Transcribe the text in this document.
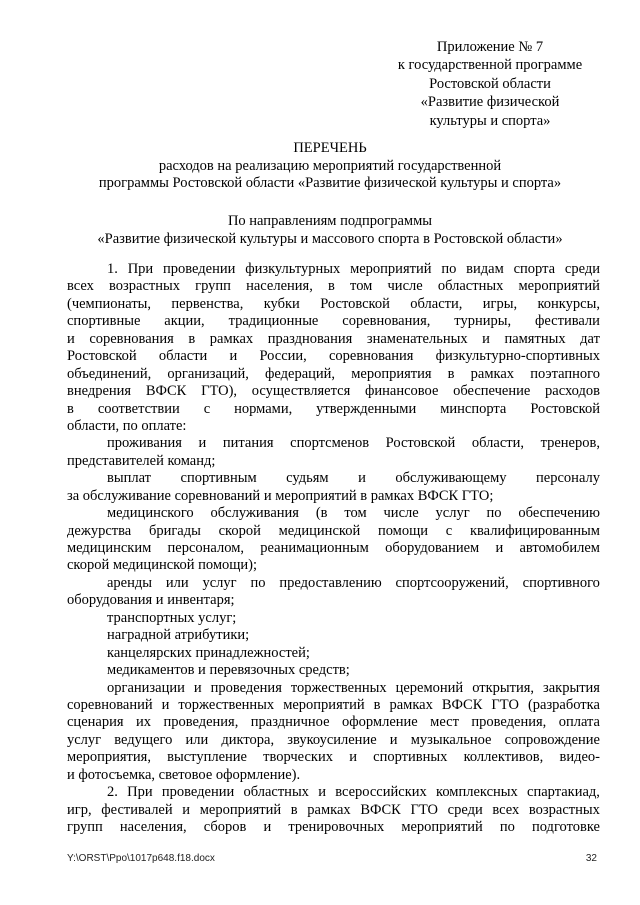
Приложение № 7
к государственной программе
Ростовской области
«Развитие физической
культуры и спорта»
ПЕРЕЧЕНЬ
расходов на реализацию мероприятий государственной
программы Ростовской области «Развитие физической культуры и спорта»
По направлениям подпрограммы
«Развитие физической культуры и массового спорта в Ростовской области»
1. При проведении физкультурных мероприятий по видам спорта среди
всех возрастных групп населения, в том числе областных мероприятий
(чемпионаты, первенства, кубки Ростовской области, игры, конкурсы,
спортивные акции, традиционные соревнования, турниры, фестивали
и соревнования в рамках празднования знаменательных и памятных дат
Ростовской области и России, соревнования физкультурно-спортивных
объединений, организаций, федераций, мероприятия в рамках поэтапного
внедрения ВФСК ГТО), осуществляется финансовое обеспечение расходов
в соответствии с нормами, утвержденными минспорта Ростовской
области, по оплате:
проживания и питания спортсменов Ростовской области, тренеров,
представителей команд;
выплат спортивным судьям и обслуживающему персоналу
за обслуживание соревнований и мероприятий в рамках ВФСК ГТО;
медицинского обслуживания (в том числе услуг по обеспечению
дежурства бригады скорой медицинской помощи с квалифицированным
медицинским персоналом, реанимационным оборудованием и автомобилем
скорой медицинской помощи);
аренды или услуг по предоставлению спортсооружений, спортивного
оборудования и инвентаря;
транспортных услуг;
наградной атрибутики;
канцелярских принадлежностей;
медикаментов и перевязочных средств;
организации и проведения торжественных церемоний открытия, закрытия
соревнований и торжественных мероприятий в рамках ВФСК ГТО (разработка
сценария их проведения, праздничное оформление мест проведения, оплата
услуг ведущего или диктора, звукоусиление и музыкальное сопровождение
мероприятия, выступление творческих и спортивных коллективов, видео-
и фотосъемка, световое оформление).
2. При проведении областных и всероссийских комплексных спартакиад,
игр, фестивалей и мероприятий в рамках ВФСК ГТО среди всех возрастных
групп населения, сборов и тренировочных мероприятий по подготовке
Y:\ORST\Ppo\1017p648.f18.docx	32
